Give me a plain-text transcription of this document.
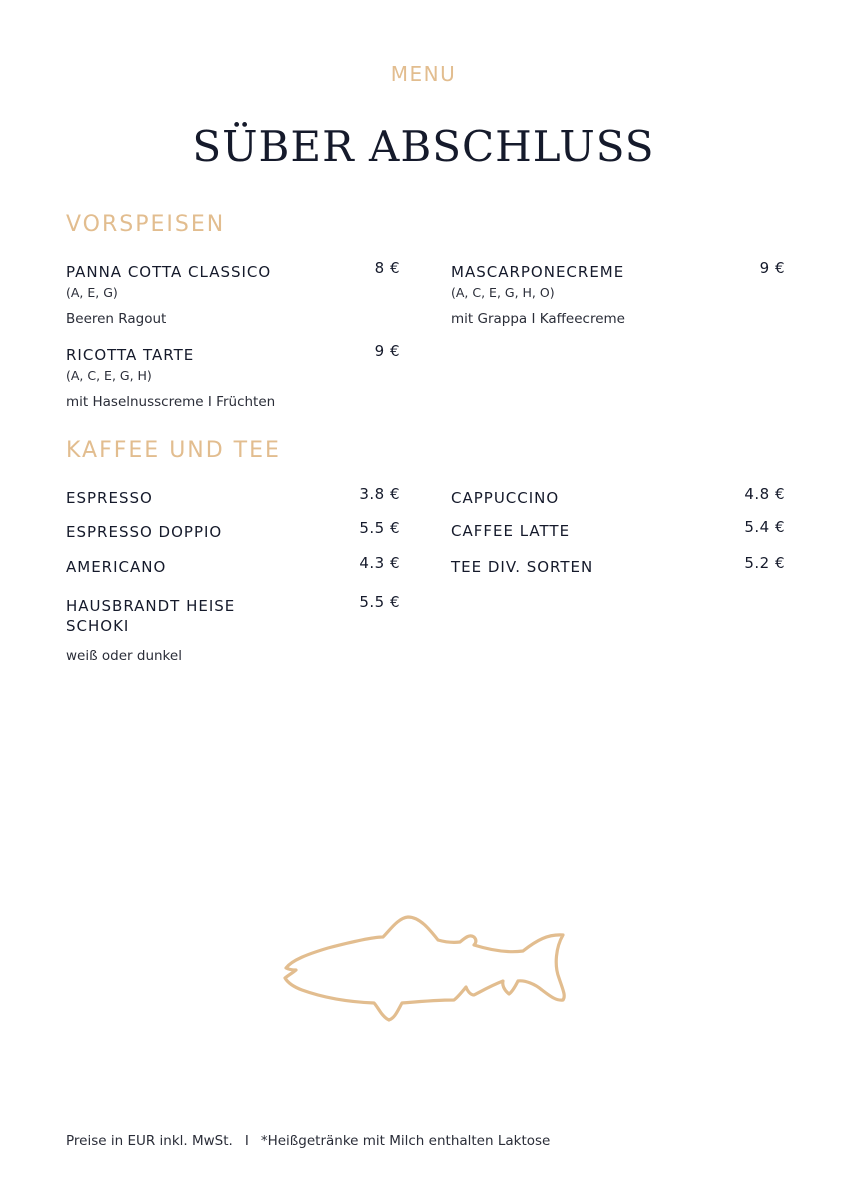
MENU
SÜBER ABSCHLUSS
VORSPEISEN
PANNA COTTA CLASSICO	8 €
(A, E, G)
Beeren Ragout
MASCARPONECREME	9 €
(A, C, E, G, H, O)
mit Grappa I Kaffeecreme
RICOTTA TARTE	9 €
(A, C, E, G, H)
mit Haselnusscreme I Früchten
KAFFEE UND TEE
ESPRESSO	3.8 €	CAPPUCCINO	4.8 €
ESPRESSO DOPPIO	5.5 €	CAFFEE LATTE	5.4 €
AMERICANO	4.3 €	TEE DIV. SORTEN	5.2 €
HAUSBRANDT HEISE SCHOKI
5.5 €
weiß oder dunkel
Preise in EUR inkl. MwSt. I *Heißgetränke mit Milch enthalten Laktose
